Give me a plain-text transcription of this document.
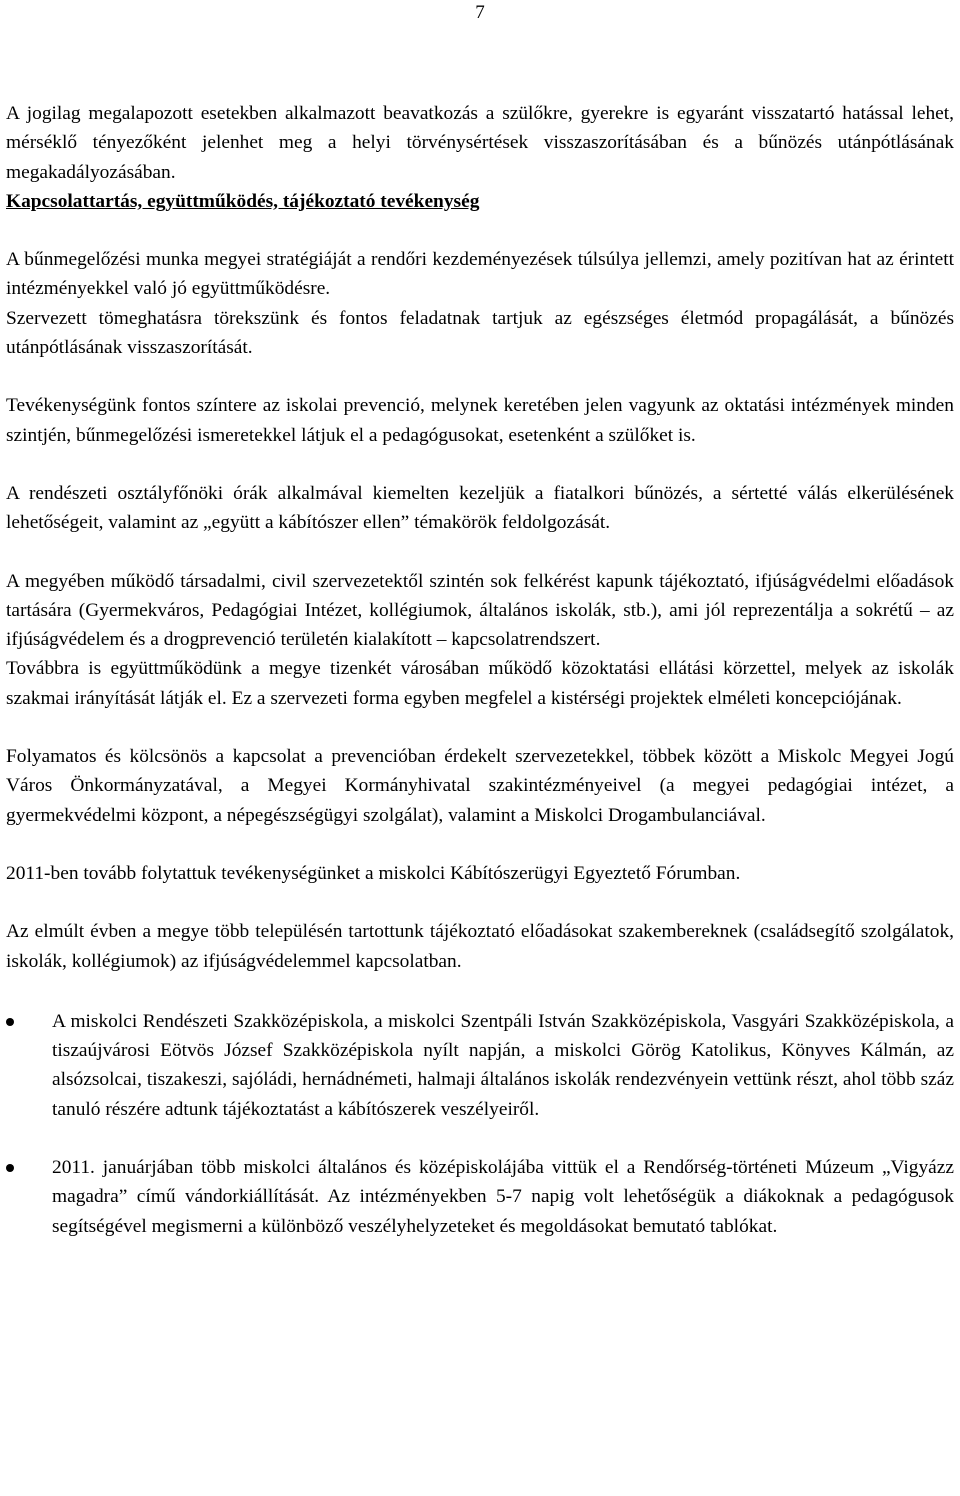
7

A jogilag megalapozott esetekben alkalmazott beavatkozás a szülőkre, gyerekre is egyaránt visszatartó hatással lehet, mérséklő tényezőként jelenhet meg a helyi törvénysértések visszaszorításában és a bűnözés utánpótlásának megakadályozásában.

Kapcsolattartás, együttműködés, tájékoztató tevékenység

A bűnmegelőzési munka megyei stratégiáját a rendőri kezdeményezések túlsúlya jellemzi, amely pozitívan hat az érintett intézményekkel való jó együttműködésre.

Szervezett tömeghatásra törekszünk és fontos feladatnak tartjuk az egészséges életmód propagálását, a bűnözés utánpótlásának visszaszorítását.

Tevékenységünk fontos színtere az iskolai prevenció, melynek keretében jelen vagyunk az oktatási intézmények minden szintjén, bűnmegelőzési ismeretekkel látjuk el a pedagógusokat, esetenként a szülőket is.

A rendészeti osztályfőnöki órák alkalmával kiemelten kezeljük a fiatalkori bűnözés, a sértetté válás elkerülésének lehetőségeit, valamint az „együtt a kábítószer ellen” témakörök feldolgozását.

A megyében működő társadalmi, civil szervezetektől szintén sok felkérést kapunk tájékoztató, ifjúságvédelmi előadások tartására (Gyermekváros, Pedagógiai Intézet, kollégiumok, általános iskolák, stb.), ami jól reprezentálja a sokrétű – az ifjúságvédelem és a drogprevenció területén kialakított – kapcsolatrendszert.

Továbbra is együttműködünk a megye tizenkét városában működő közoktatási ellátási körzettel, melyek az iskolák szakmai irányítását látják el. Ez a szervezeti forma egyben megfelel a kistérségi projektek elméleti koncepciójának.

Folyamatos és kölcsönös a kapcsolat a prevencióban érdekelt szervezetekkel, többek között a Miskolc Megyei Jogú Város Önkormányzatával, a Megyei Kormányhivatal szakintézményeivel (a megyei pedagógiai intézet, a gyermekvédelmi központ, a népegészségügyi szolgálat), valamint a Miskolci Drogambulanciával.

2011-ben tovább folytattuk tevékenységünket a miskolci Kábítószerügyi Egyeztető Fórumban.

Az elmúlt évben a megye több településén tartottunk tájékoztató előadásokat szakembereknek (családsegítő szolgálatok, iskolák, kollégiumok) az ifjúságvédelemmel kapcsolatban.

A miskolci Rendészeti Szakközépiskola, a miskolci Szentpáli István Szakközépiskola, Vasgyári Szakközépiskola, a tiszaújvárosi Eötvös József Szakközépiskola nyílt napján, a miskolci Görög Katolikus, Könyves Kálmán, az alsózsolcai, tiszakeszi, sajóládi, hernádnémeti, halmaji általános iskolák rendezvényein vettünk részt, ahol több száz tanuló részére adtunk tájékoztatást a kábítószerek veszélyeiről.
2011. januárjában több miskolci általános és középiskolájába vittük el a Rendőrség-történeti Múzeum „Vigyázz magadra” című vándorkiállítását. Az intézményekben 5-7 napig volt lehetőségük a diákoknak a pedagógusok segítségével megismerni a különböző veszélyhelyzeteket és megoldásokat bemutató tablókat.
